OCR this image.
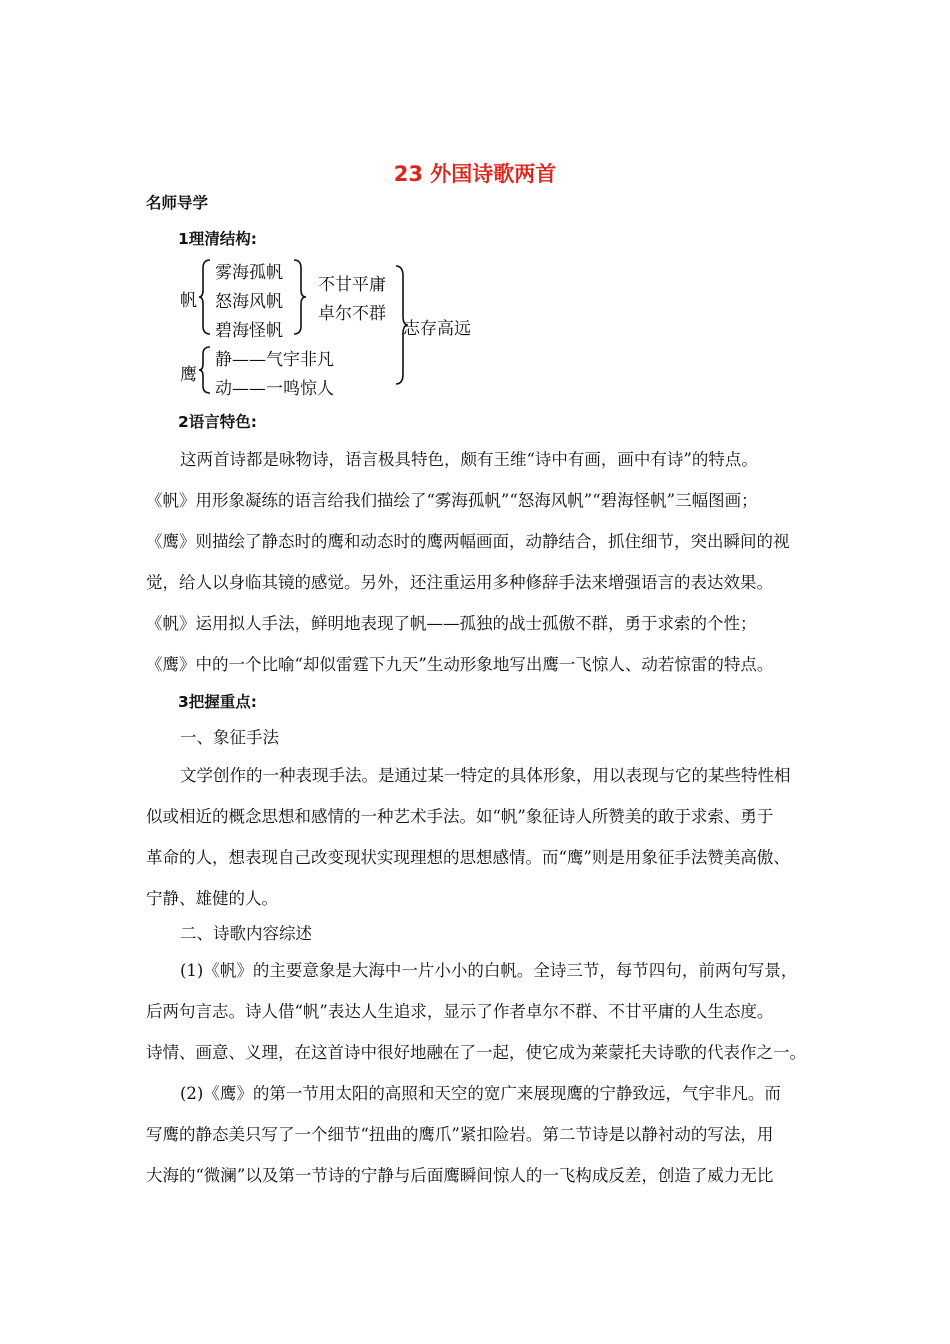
23 外国诗歌两首
名师导学
1理清结构:
帆
雾海孤帆
怒海风帆
碧海怪帆
不甘平庸
卓尔不群
鹰
静——气宇非凡
动——一鸣惊人
志存高远
2语言特色:
这两首诗都是咏物诗，语言极具特色，颇有王维“诗中有画，画中有诗”的特点。
《帆》用形象凝练的语言给我们描绘了“雾海孤帆”“怒海风帆”“碧海怪帆”三幅图画；
《鹰》则描绘了静态时的鹰和动态时的鹰两幅画面，动静结合，抓住细节，突出瞬间的视
觉，给人以身临其镜的感觉。另外，还注重运用多种修辞手法来增强语言的表达效果。
《帆》运用拟人手法，鲜明地表现了帆——孤独的战士孤傲不群，勇于求索的个性；
《鹰》中的一个比喻“却似雷霆下九天”生动形象地写出鹰一飞惊人、动若惊雷的特点。
3把握重点:
一、象征手法
文学创作的一种表现手法。是通过某一特定的具体形象，用以表现与它的某些特性相
似或相近的概念思想和感情的一种艺术手法。如“帆”象征诗人所赞美的敢于求索、勇于
革命的人，想表现自己改变现状实现理想的思想感情。而“鹰”则是用象征手法赞美高傲、
宁静、雄健的人。
二、诗歌内容综述
(1)《帆》的主要意象是大海中一片小小的白帆。全诗三节，每节四句，前两句写景，
后两句言志。诗人借“帆”表达人生追求，显示了作者卓尔不群、不甘平庸的人生态度。
诗情、画意、义理，在这首诗中很好地融在了一起，使它成为莱蒙托夫诗歌的代表作之一。
(2)《鹰》的第一节用太阳的高照和天空的宽广来展现鹰的宁静致远，气宇非凡。而
写鹰的静态美只写了一个细节“扭曲的鹰爪”紧扣险岩。第二节诗是以静衬动的写法，用
大海的“微澜”以及第一节诗的宁静与后面鹰瞬间惊人的一飞构成反差，创造了威力无比
